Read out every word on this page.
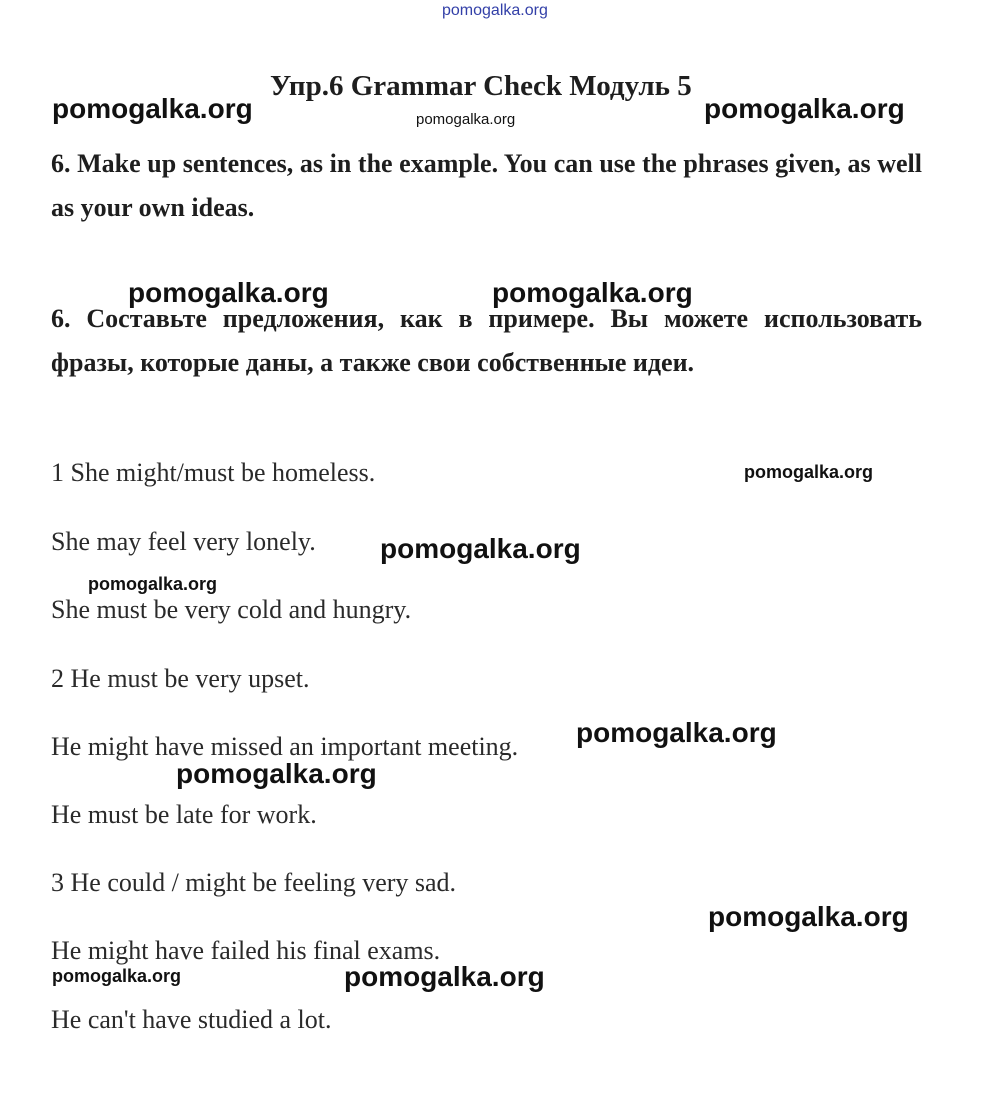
pomogalka.org
Упр.6 Grammar Check Модуль 5
6. Make up sentences, as in the example. You can use the phrases given, as well as your own ideas.
6. Составьте предложения, как в примере. Вы можете использовать фразы, которые даны, а также свои собственные идеи.
1 She might/must be homeless.
She may feel very lonely.
She must be very cold and hungry.
2 He must be very upset.
He might have missed an important meeting.
He must be late for work.
3 He could / might be feeling very sad.
He might have failed his final exams.
He can't have studied a lot.
pomogalka.org	pomogalka.org
pomogalka.org
pomogalka.org	pomogalka.org
pomogalka.org
pomogalka.org
pomogalka.org
pomogalka.org
pomogalka.org
pomogalka.org
pomogalka.org	pomogalka.org
